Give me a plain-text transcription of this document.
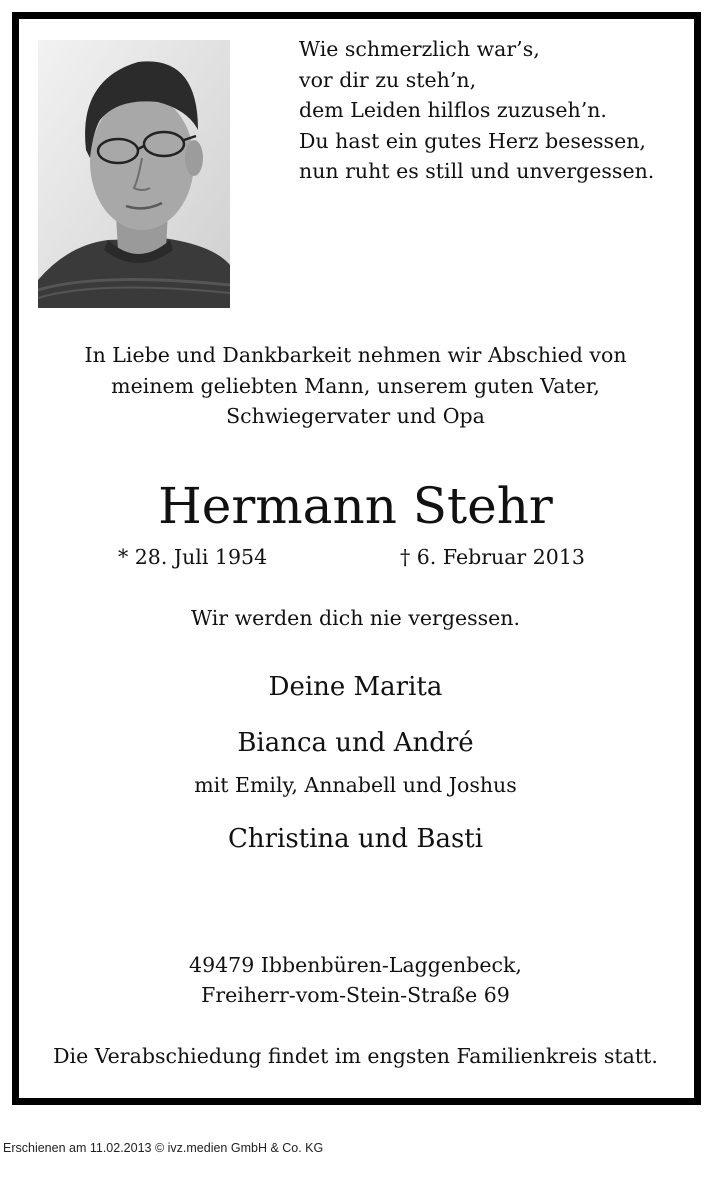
Wie schmerzlich war’s,
vor dir zu steh’n,
dem Leiden hilflos zuzuseh’n.
Du hast ein gutes Herz besessen,
nun ruht es still und unvergessen.
In Liebe und Dankbarkeit nehmen wir Abschied von
meinem geliebten Mann, unserem guten Vater,
Schwiegervater und Opa
Hermann Stehr
* 28. Juli 1954	† 6. Februar 2013
Wir werden dich nie vergessen.
Deine Marita
Bianca und André
mit Emily, Annabell und Joshus
Christina und Basti
49479 Ibbenbüren-Laggenbeck,
Freiherr-vom-Stein-Straße 69
Die Verabschiedung findet im engsten Familienkreis statt.
Erschienen am 11.02.2013 © ivz.medien GmbH & Co. KG
